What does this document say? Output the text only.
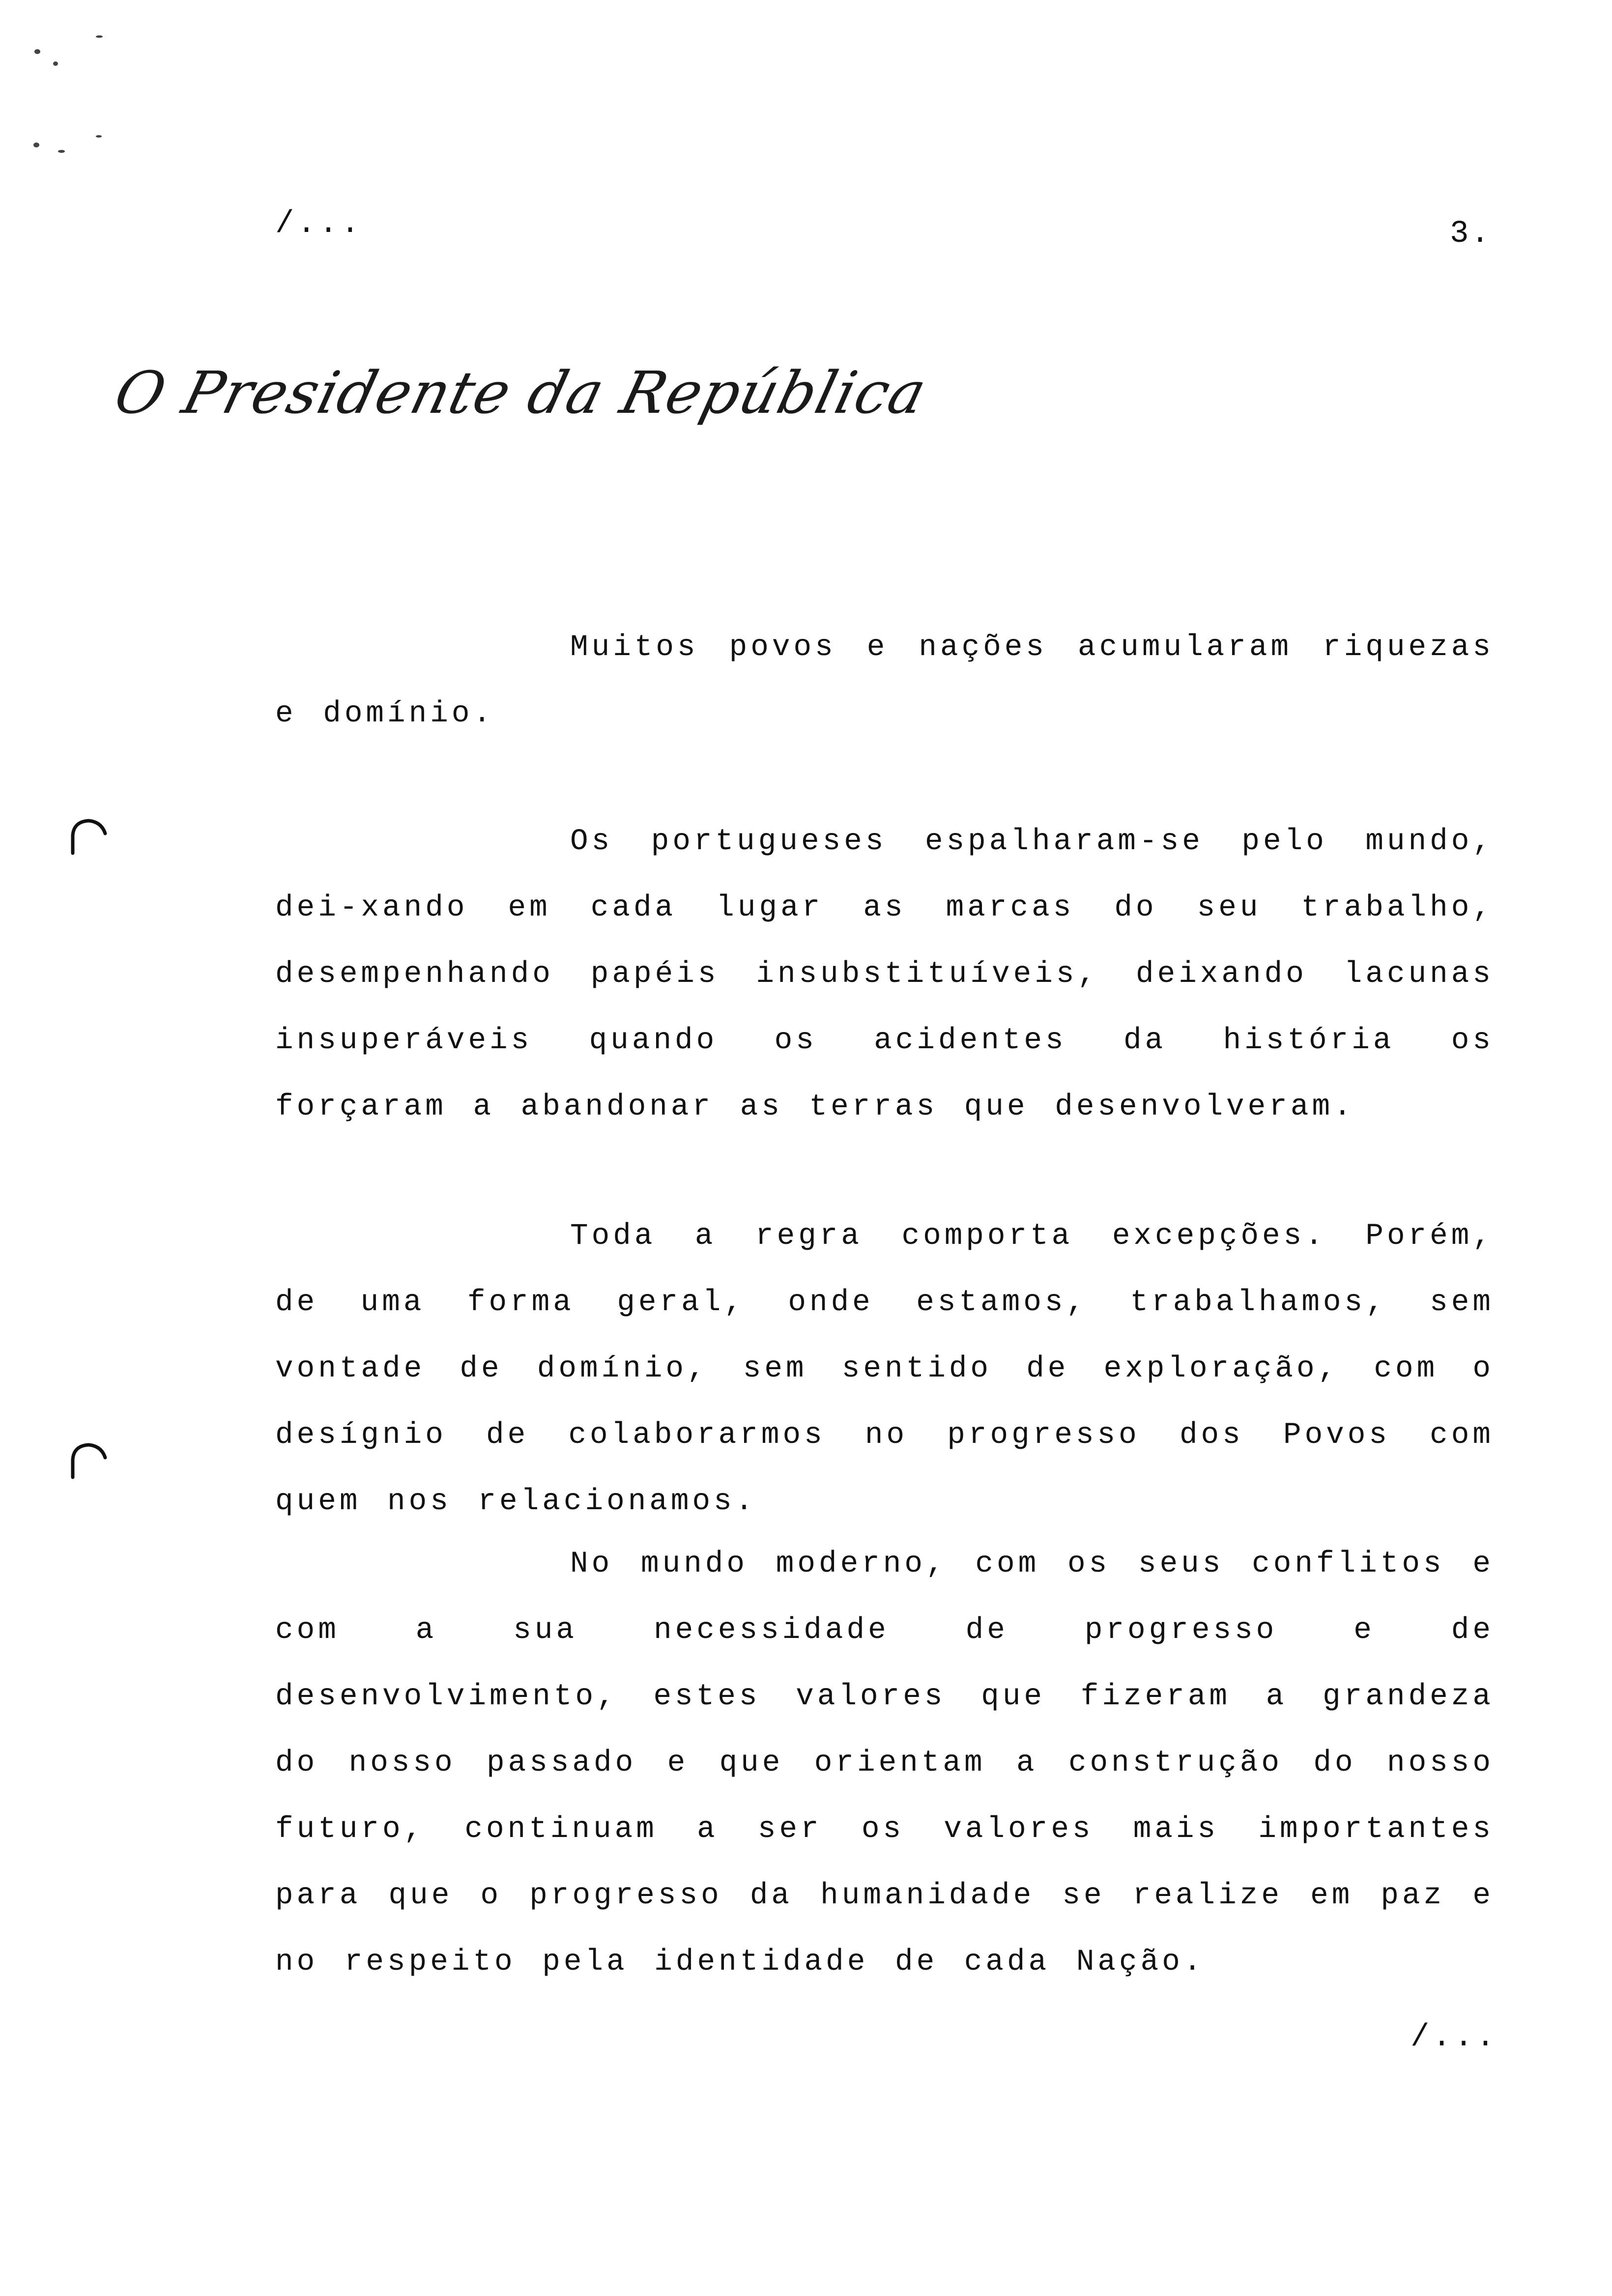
/...	3.
O Presidente da República

Muitos povos e nações acumularam riquezas e domínio.

Os portugueses espalharam-se pelo mundo, dei-xando em cada lugar as marcas do seu trabalho, desempenhando papéis insubstituíveis, deixando lacunas insuperáveis quando os acidentes da história os forçaram a abandonar as terras que desenvolveram.

Toda a regra comporta excepções. Porém, de uma forma geral, onde estamos, trabalhamos, sem vontade de domínio, sem sentido de exploração, com o desígnio de colaborarmos no progresso dos Povos com quem nos relacionamos.

No mundo moderno, com os seus conflitos e com a sua necessidade de progresso e de desenvolvimento, estes valores que fizeram a grandeza do nosso passado e que orientam a construção do nosso futuro, continuam a ser os valores mais importantes para que o progresso da humanidade se realize em paz e no respeito pela identidade de cada Nação.

/...
